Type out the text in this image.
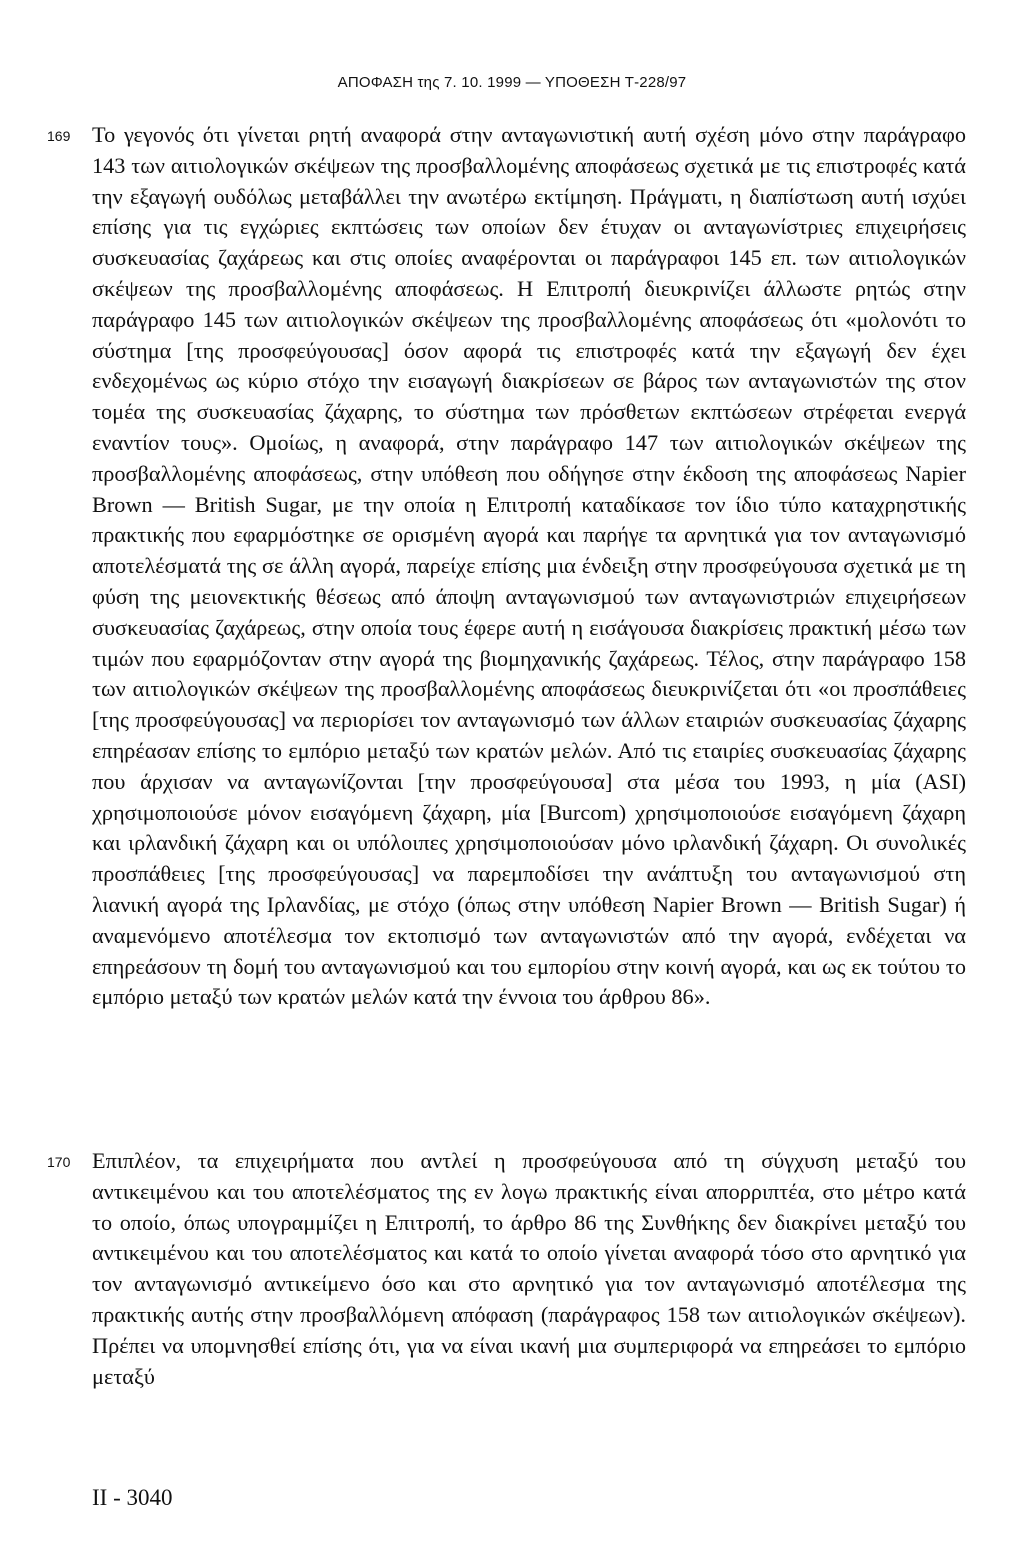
ΑΠΟΦΑΣΗ της 7. 10. 1999 — ΥΠΟΘΕΣΗ Τ-228/97
169 Το γεγονός ότι γίνεται ρητή αναφορά στην ανταγωνιστική αυτή σχέση μόνο στην παράγραφο 143 των αιτιολογικών σκέψεων της προσβαλλομένης αποφάσεως σχετικά με τις επιστροφές κατά την εξαγωγή ουδόλως μεταβάλλει την ανωτέρω εκτίμηση. Πράγματι, η διαπίστωση αυτή ισχύει επίσης για τις εγχώριες εκπτώσεις των οποίων δεν έτυχαν οι ανταγωνίστριες επιχειρήσεις συσκευασίας ζαχάρεως και στις οποίες αναφέρονται οι παράγραφοι 145 επ. των αιτιολογικών σκέψεων της προσβαλλομένης αποφάσεως. Η Επιτροπή διευκρινίζει άλλωστε ρητώς στην παράγραφο 145 των αιτιολογικών σκέψεων της προσβαλλομένης αποφάσεως ότι «μολονότι το σύστημα [της προσφεύγουσας] όσον αφορά τις επιστροφές κατά την εξαγωγή δεν έχει ενδεχομένως ως κύριο στόχο την εισαγωγή διακρίσεων σε βάρος των ανταγωνιστών της στον τομέα της συσκευασίας ζάχαρης, το σύστημα των πρόσθετων εκπτώσεων στρέφεται ενεργά εναντίον τους». Ομοίως, η αναφορά, στην παράγραφο 147 των αιτιολογικών σκέψεων της προσβαλλομένης αποφάσεως, στην υπόθεση που οδήγησε στην έκδοση της αποφάσεως Napier Brown — British Sugar, με την οποία η Επιτροπή καταδίκασε τον ίδιο τύπο καταχρηστικής πρακτικής που εφαρμόστηκε σε ορισμένη αγορά και παρήγε τα αρνητικά για τον ανταγωνισμό αποτελέσματά της σε άλλη αγορά, παρείχε επίσης μια ένδειξη στην προσφεύγουσα σχετικά με τη φύση της μειονεκτικής θέσεως από άποψη ανταγωνισμού των ανταγωνιστριών επιχειρήσεων συσκευασίας ζαχάρεως, στην οποία τους έφερε αυτή η εισάγουσα διακρίσεις πρακτική μέσω των τιμών που εφαρμόζονταν στην αγορά της βιομηχανικής ζαχάρεως. Τέλος, στην παράγραφο 158 των αιτιολογικών σκέψεων της προσβαλλομένης αποφάσεως διευκρινίζεται ότι «οι προσπάθειες [της προσφεύγουσας] να περιορίσει τον ανταγωνισμό των άλλων εταιριών συσκευασίας ζάχαρης επηρέασαν επίσης το εμπόριο μεταξύ των κρατών μελών. Από τις εταιρίες συσκευασίας ζάχαρης που άρχισαν να ανταγωνίζονται [την προσφεύγουσα] στα μέσα του 1993, η μία (ASI) χρησιμοποιούσε μόνον εισαγόμενη ζάχαρη, μία [Burcom) χρησιμοποιούσε εισαγόμενη ζάχαρη και ιρλανδική ζάχαρη και οι υπόλοιπες χρησιμοποιούσαν μόνο ιρλανδική ζάχαρη. Οι συνολικές προσπάθειες [της προσφεύγουσας] να παρεμποδίσει την ανάπτυξη του ανταγωνισμού στη λιανική αγορά της Ιρλανδίας, με στόχο (όπως στην υπόθεση Napier Brown — British Sugar) ή αναμενόμενο αποτέλεσμα τον εκτοπισμό των ανταγωνιστών από την αγορά, ενδέχεται να επηρεάσουν τη δομή του ανταγωνισμού και του εμπορίου στην κοινή αγορά, και ως εκ τούτου το εμπόριο μεταξύ των κρατών μελών κατά την έννοια του άρθρου 86».

170 Επιπλέον, τα επιχειρήματα που αντλεί η προσφεύγουσα από τη σύγχυση μεταξύ του αντικειμένου και του αποτελέσματος της εν λογω πρακτικής είναι απορριπτέα, στο μέτρο κατά το οποίο, όπως υπογραμμίζει η Επιτροπή, το άρθρο 86 της Συνθήκης δεν διακρίνει μεταξύ του αντικειμένου και του αποτελέσματος και κατά το οποίο γίνεται αναφορά τόσο στο αρνητικό για τον ανταγωνισμό αντικείμενο όσο και στο αρνητικό για τον ανταγωνισμό αποτέλεσμα της πρακτικής αυτής στην προσβαλλόμενη απόφαση (παράγραφος 158 των αιτιολογικών σκέψεων). Πρέπει να υπομνησθεί επίσης ότι, για να είναι ικανή μια συμπεριφορά να επηρεάσει το εμπόριο μεταξύ

II - 3040
